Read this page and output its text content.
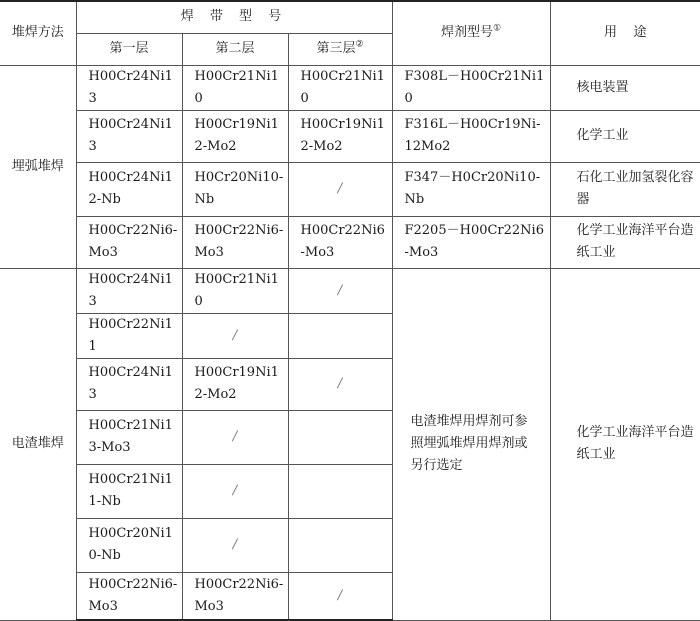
堆焊方法	焊 带 型 号			焊剂型号①	用    途
	第一层	第二层	第三层②
埋弧堆焊	H00Cr24Ni13	H00Cr21Ni10	H00Cr21Ni10	F308L－H00Cr21Ni10	核电装置
	H00Cr24Ni13	H00Cr19Ni12-Mo2	H00Cr19Ni12-Mo2	F316L－H00Cr19Ni-12Mo2	化学工业
	H00Cr24Ni12-Nb	H0Cr20Ni10-Nb	/	F347－H0Cr20Ni10-Nb	石化工业加氢裂化容器
	H00Cr22Ni6-Mo3	H00Cr22Ni6-Mo3	H00Cr22Ni6-Mo3	F2205－H00Cr22Ni6-Mo3	化学工业海洋平台造纸工业
电渣堆焊	H00Cr24Ni13	H00Cr21Ni10	/	电渣堆焊用焊剂可参照埋弧堆焊用焊剂或另行选定	化学工业海洋平台造纸工业
	H00Cr22Ni11	/			
	H00Cr24Ni13	H00Cr19Ni12-Mo2	/		
	H00Cr21Ni13-Mo3	/			
	H00Cr21Ni11-Nb	/			
	H00Cr20Ni10-Nb	/			
	H00Cr22Ni6-Mo3	H00Cr22Ni6-Mo3	/		
